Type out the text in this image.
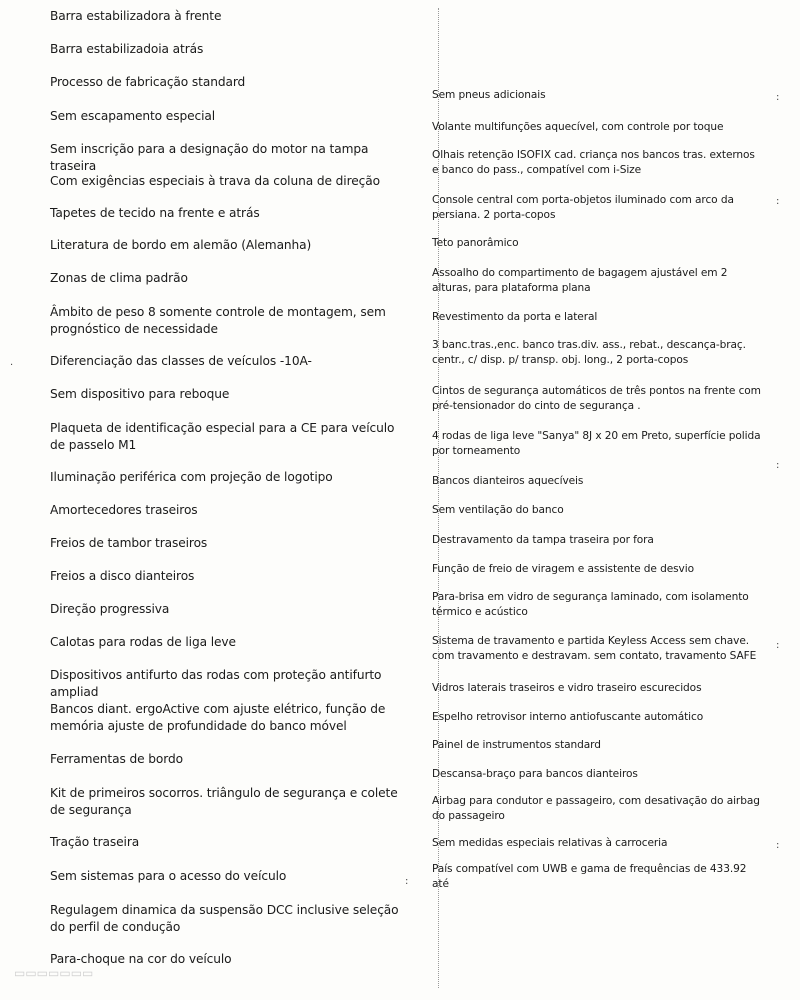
Barra estabilizadora à frente
Barra estabilizadoia atrás
Processo de fabricação standard
Sem escapamento especial
Sem inscrição para a designação do motor na tampa traseira
Com exigências especiais à trava da coluna de direção
Tapetes de tecido na frente e atrás
Literatura de bordo em alemão (Alemanha)
Zonas de clima padrão
Âmbito de peso 8 somente controle de montagem, sem prognóstico de necessidade
Diferenciação das classes de veículos -10A-
Sem dispositivo para reboque
Plaqueta de identificação especial para a CE para veículo de passelo M1
Iluminação periférica com projeção de logotipo
Amortecedores traseiros
Freios de tambor traseiros
Freios a disco dianteiros
Direção progressiva
Calotas para rodas de liga leve
Dispositivos antifurto das rodas com proteção antifurto ampliad
Bancos diant. ergoActive com ajuste elétrico, função de memória ajuste de profundidade do banco móvel
Ferramentas de bordo
Kit de primeiros socorros. triângulo de segurança e colete de segurança
Tração traseira
Sem sistemas para o acesso do veículo
Regulagem dinamica da suspensão DCC inclusive seleção do perfil de condução
Para-choque na cor do veículo
Sem pneus adicionais
Volante multifunções aquecível, com controle por toque
Olhais retenção ISOFIX cad. criança nos bancos tras. externos e banco do pass., compatível com i-Size
Console central com porta-objetos iluminado com arco da persiana. 2 porta-copos
Teto panorâmico
Assoalho do compartimento de bagagem ajustável em 2 alturas, para plataforma plana
Revestimento da porta e lateral
3 banc.tras.,enc. banco tras.div. ass., rebat., descança-braç. centr., c/ disp. p/ transp. obj. long., 2 porta-copos
Cintos de segurança automáticos de três pontos na frente com pré-tensionador do cinto de segurança .
4 rodas de liga leve "Sanya" 8J x 20 em Preto, superfície polida por torneamento
Bancos dianteiros aquecíveis
Sem ventilação do banco
Destravamento da tampa traseira por fora
Função de freio de viragem e assistente de desvio
Para-brisa em vidro de segurança laminado, com isolamento térmico e acústico
Sistema de travamento e partida Keyless Access sem chave. com travamento e destravam. sem contato, travamento SAFE
Vidros laterais traseiros e vidro traseiro escurecidos
Espelho retrovisor interno antiofuscante automático
Painel de instrumentos standard
Descansa-braço para bancos dianteiros
Airbag para condutor e passageiro, com desativação do airbag do passageiro
Sem medidas especiais relativas à carroceria
País compatível com UWB e gama de frequências de 433.92 até
:
:
:
:
:
:
·
▭▭▭▭▭▭▭
